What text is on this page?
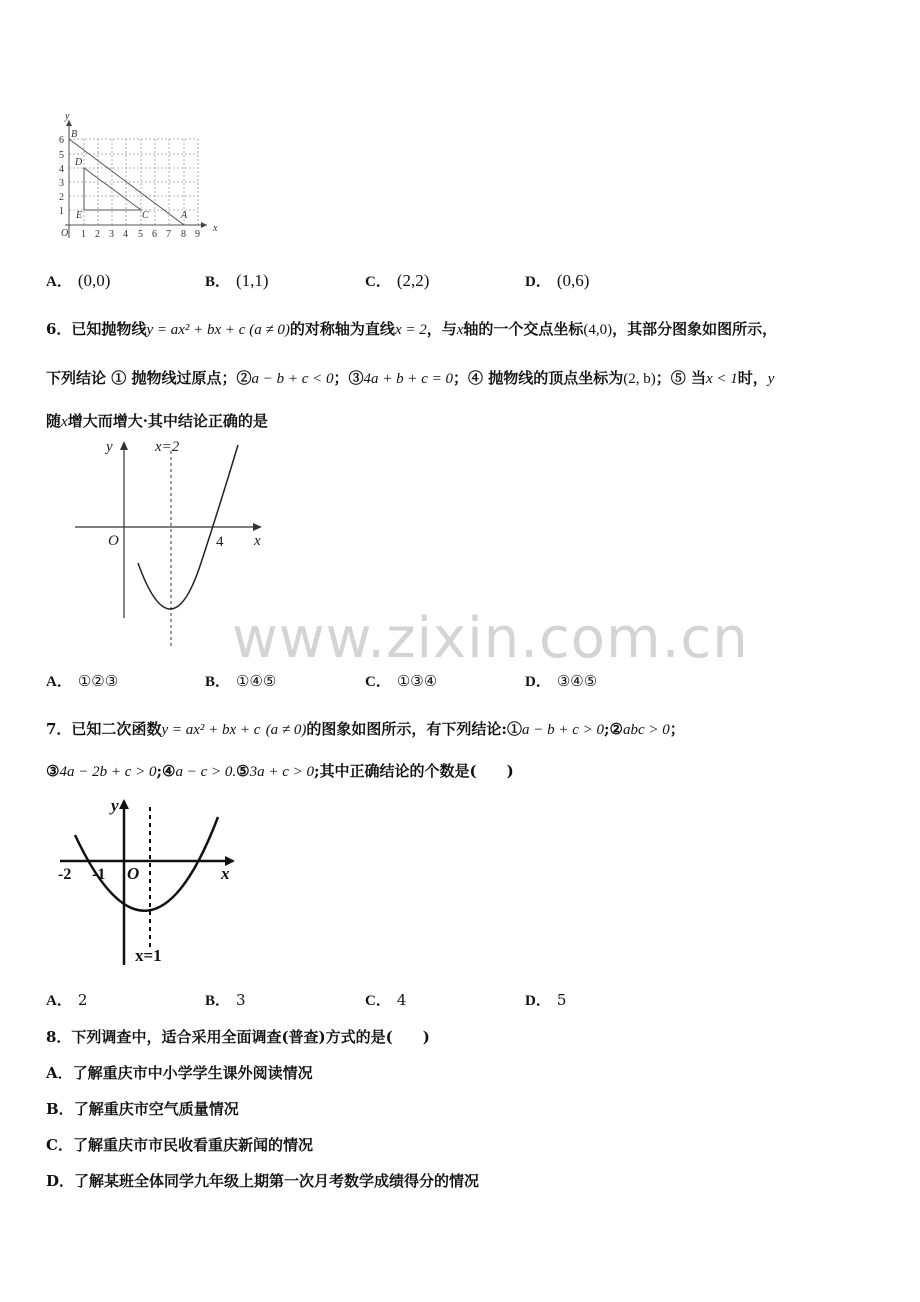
y
x
O
B
D
E	C	A
1 2 3 4 5 6 7 8 9
1
2
3
4
5
6
A． (0,0)	B． (1,1)	C． (2,2)	D． (0,6)
6．已知抛物线y = ax² + bx + c (a ≠ 0)的对称轴为直线x = 2，与x轴的一个交点坐标(4,0)，其部分图象如图所示，
下列结论 ① 抛物线过原点；②a − b + c < 0；③4a + b + c = 0；④ 抛物线的顶点坐标为(2, b)；⑤ 当x < 1时，y
随x增大而增大·其中结论正确的是
y
x
O
x=2
4
A． ①②③	B． ①④⑤	C． ①③④	D． ③④⑤
7．已知二次函数y = ax² + bx + c (a ≠ 0)的图象如图所示，有下列结论:①a − b + c > 0;②abc > 0；
③4a − 2b + c > 0;④a − c > 0.⑤3a + c > 0;其中正确结论的个数是(　　)
y
x
O
-2 -1
x=1
A． 2	B． 3	C． 4	D． 5
8．下列调查中，适合采用全面调查(普查)方式的是(　　)
A．了解重庆市中小学学生课外阅读情况
B．了解重庆市空气质量情况
C．了解重庆市市民收看重庆新闻的情况
D．了解某班全体同学九年级上期第一次月考数学成绩得分的情况
www.zixin.com.cn
